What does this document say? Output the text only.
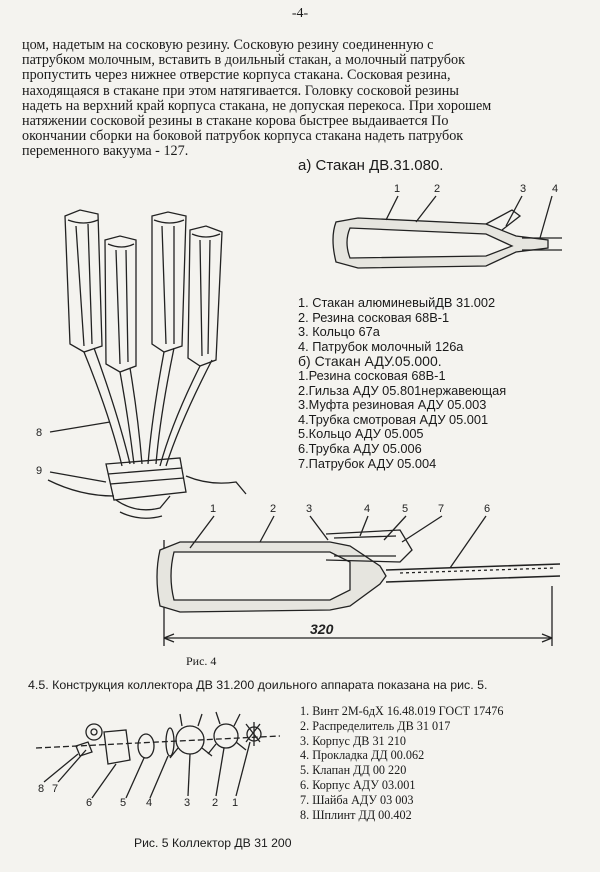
-4-

цом, надетым на сосковую резину. Сосковую резину соединенную с

патрубком молочным, вставить в доильный стакан, а молочный патрубок

пропустить через нижнее отверстие корпуса стакана. Сосковая резина,

находящаяся в стакане при этом натягивается. Головку сосковой резины

надеть на верхний край корпуса стакана, не допуская перекоса. При хорошем

натяжении сосковой резины в стакане корова быстрее выдаивается По

окончании сборки на боковой патрубок корпуса стакана надеть патрубок

переменного вакуума - 127.

а) Стакан ДВ.31.080.
8
9
1	2	3 4
1. Стакан алюминевыйДВ 31.002
2. Резина сосковая 68В-1
3. Кольцо 67а
4. Патрубок молочный 126а
б) Стакан АДУ.05.000.
1.Резина сосковая 68В-1
2.Гильза АДУ 05.801нержавеющая
3.Муфта резиновая АДУ 05.003
4.Трубка смотровая АДУ 05.001
5.Кольцо АДУ 05.005
6.Трубка АДУ 05.006
7.Патрубок АДУ 05.004
1	2	3	4	5	7	6
320
Рис. 4
4.5. Конструкция коллектора ДВ 31.200 доильного аппарата показана на рис. 5.
8 7
6	5 4	3 2 1
1. Винт 2М-6дХ 16.48.019 ГОСТ 17476
2. Распределитель ДВ 31 017
3. Корпус ДВ 31 210
4. Прокладка ДД 00.062
5. Клапан ДД 00 220
6. Корпус АДУ 03.001
7. Шайба АДУ 03 003
8. Шплинт ДД 00.402
Рис. 5 Коллектор ДВ 31 200
